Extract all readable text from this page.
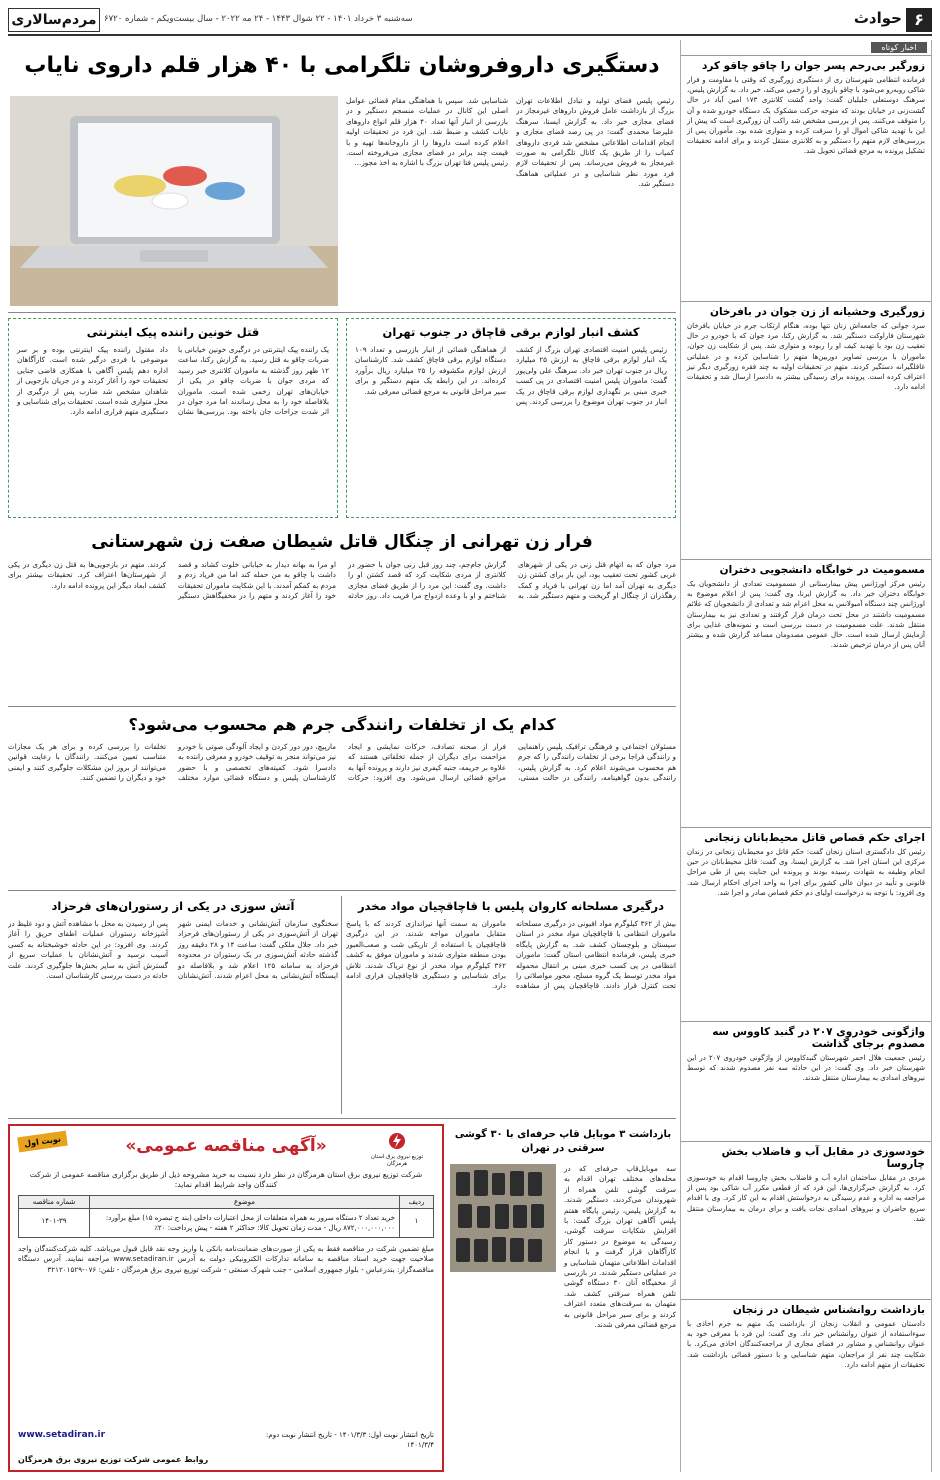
۶
حوادث
سه‌شنبه ۳ خرداد ۱۴۰۱ - ۲۲ شوال ۱۴۴۳ - ۲۴ مه ۲۰۲۲ - سال بیست‌ویکم - شماره ۶۷۲۰
مردم‌سالاری
اخبار کوتاه
زورگیر بی‌رحم پسر جوان را چاقو چاقو کرد
فرمانده انتظامی شهرستان ری از دستگیری زورگیری که وقتی با مقاومت و فرار شاکی روبه‌رو می‌شود با چاقو بازوی او را زخمی می‌کند، خبر داد. به گزارش پلیس، سرهنگ دوستعلی جلیلیان گفت: واحد گشت کلانتری ۱۷۳ امین آباد در حال گشت‌زنی در خیابان بودند که متوجه حرکت مشکوک یک دستگاه خودرو شده و آن را متوقف می‌کنند. پس از بررسی مشخص شد راکب آن زورگیری است که پیش از این با تهدید شاکی اموال او را سرقت کرده و متواری شده بود. مأموران پس از بررسی‌های لازم متهم را دستگیر و به کلانتری منتقل کردند و برای ادامه تحقیقات تشکیل پرونده به مرجع قضائی تحویل شد.
زورگیری وحشیانه از زن جوان در بافرخان
سرد جوانی که جامعه‌اش زنان تنها بوده، هنگام ارتکاب جرم در خیابان بافرخان شهرستان فاراوکت دستگیر شد. به گزارش رکنا، مرد جوان که با خودرو در حال تعقیب زن بود با تهدید کیف او را ربوده و متواری شد. پس از شکایت زن جوان، ماموران با بررسی تصاویر دوربین‌ها متهم را شناسایی کرده و در عملیاتی غافلگیرانه دستگیر کردند. متهم در تحقیقات اولیه به چند فقره زورگیری دیگر نیز اعتراف کرده است. پرونده برای رسیدگی بیشتر به دادسرا ارسال شد و تحقیقات ادامه دارد.
مسمومیت در خوابگاه دانشجویی دختران
رئیس مرکز اورژانس پیش بیمارستانی از مسمومیت تعدادی از دانشجویان یک خوابگاه دختران خبر داد. به گزارش ایرنا، وی گفت: پس از اعلام موضوع به اورژانس چند دستگاه آمبولانس به محل اعزام شد و تعدادی از دانشجویان که علائم مسمومیت داشتند در محل تحت درمان قرار گرفتند و تعدادی نیز به بیمارستان منتقل شدند. علت مسمومیت در دست بررسی است و نمونه‌های غذایی برای آزمایش ارسال شده است. حال عمومی مصدومان مساعد گزارش شده و بیشتر آنان پس از درمان ترخیص شدند.
اجرای حکم قصاص قاتل محیط‌بانان زنجانی
رئیس کل دادگستری استان زنجان گفت: حکم قاتل دو محیط‌بان زنجانی در زندان مرکزی این استان اجرا شد. به گزارش ایسنا، وی گفت: قاتل محیط‌بانان در حین انجام وظیفه به شهادت رسیده بودند و پرونده این جنایت پس از طی مراحل قانونی و تأیید در دیوان عالی کشور برای اجرا به واحد اجرای احکام ارسال شد. وی افزود: با توجه به درخواست اولیای دم حکم قصاص صادر و اجرا شد.
واژگونی خودروی ۲۰۷ در گنبد کاووس سه مصدوم برجای گذاشت
رئیس جمعیت هلال احمر شهرستان گنبدکاووس از واژگونی خودروی ۲۰۷ در این شهرستان خبر داد. وی گفت: در این حادثه سه نفر مصدوم شدند که توسط نیروهای امدادی به بیمارستان منتقل شدند.
خودسوزی در مقابل آب و فاضلاب بخش چاروسا
مردی در مقابل ساختمان اداره آب و فاضلاب بخش چاروسا اقدام به خودسوزی کرد. به گزارش خبرگزاری‌ها، این فرد که از قطعی مکرر آب شاکی بود پس از مراجعه به اداره و عدم رسیدگی به درخواستش اقدام به این کار کرد. وی با اقدام سریع حاضران و نیروهای امدادی نجات یافت و برای درمان به بیمارستان منتقل شد.
بازداشت روانشناس شیطان در زنجان
دادستان عمومی و انقلاب زنجان از بازداشت یک متهم به جرم اخاذی با سوءاستفاده از عنوان روانشناس خبر داد. وی گفت: این فرد با معرفی خود به عنوان روانشناس و مشاور در فضای مجازی از مراجعه‌کنندگان اخاذی می‌کرد. با شکایت چند نفر از مراجعان، متهم شناسایی و با دستور قضائی بازداشت شد. تحقیقات از متهم ادامه دارد.
دستگیری داروفروشان تلگرامی با ۴۰ هزار قلم داروی نایاب
رئیس پلیس فضای تولید و تبادل اطلاعات تهران بزرگ از بازداشت عامل فروش داروهای غیرمجاز در فضای مجازی خبر داد. به گزارش ایسنا، سرهنگ علیرضا محمدی گفت: در پی رصد فضای مجازی و انجام اقدامات اطلاعاتی مشخص شد فردی داروهای کمیاب را از طریق یک کانال تلگرامی به صورت غیرمجاز به فروش می‌رساند. پس از تحقیقات لازم فرد مورد نظر شناسایی و در عملیاتی هماهنگ دستگیر شد.
شناسایی شد. سپس با هماهنگی مقام قضائی عوامل اصلی این کانال در عملیات منسجم دستگیر و در بازرسی از انبار آنها تعداد ۴۰ هزار قلم انواع داروهای نایاب کشف و ضبط شد. این فرد در تحقیقات اولیه اعلام کرده است داروها را از داروخانه‌ها تهیه و با قیمت چند برابر در فضای مجازی می‌فروخته است. رئیس پلیس فتا تهران بزرگ با اشاره به اخذ مجوز...
کشف انبار لوازم برقی قاچاق در جنوب تهران
رئیس پلیس امنیت اقتصادی تهران بزرگ از کشف یک انبار لوازم برقی قاچاق به ارزش ۲۵ میلیارد ریال در جنوب تهران خبر داد. سرهنگ علی ولی‌پور گفت: ماموران پلیس امنیت اقتصادی در پی کسب خبری مبنی بر نگهداری لوازم برقی قاچاق در یک انبار در جنوب تهران موضوع را بررسی کردند. پس از هماهنگی قضائی از انبار بازرسی و تعداد ۱۰۹ دستگاه لوازم برقی قاچاق کشف شد. کارشناسان ارزش لوازم مکشوفه را ۲۵ میلیارد ریال برآورد کرده‌اند. در این رابطه یک متهم دستگیر و برای سیر مراحل قانونی به مرجع قضائی معرفی شد.
قتل خونین راننده پیک اینترنتی
یک راننده پیک اینترنتی در درگیری خونین خیابانی با ضربات چاقو به قتل رسید. به گزارش رکنا، ساعت ۱۲ ظهر روز گذشته به ماموران کلانتری خبر رسید که مردی جوان با ضربات چاقو در یکی از خیابان‌های تهران زخمی شده است. ماموران بلافاصله خود را به محل رساندند اما مرد جوان در اثر شدت جراحات جان باخته بود. بررسی‌ها نشان داد مقتول راننده پیک اینترنتی بوده و بر سر موضوعی با فردی درگیر شده است. کارآگاهان اداره دهم پلیس آگاهی با همکاری قاضی جنایی تحقیقات خود را آغاز کردند و در جریان بازجویی از شاهدان مشخص شد ضارب پس از درگیری از محل متواری شده است. تحقیقات برای شناسایی و دستگیری متهم فراری ادامه دارد.
فرار زن تهرانی از چنگال قاتل شیطان صفت زن شهرستانی
مرد جوان که به اتهام قتل زنی در یکی از شهرهای غربی کشور تحت تعقیب بود، این بار برای کشتن زن دیگری به تهران آمد اما زن تهرانی با فریاد و کمک رهگذران از چنگال او گریخت و متهم دستگیر شد. به گزارش جام‌جم، چند روز قبل زنی جوان با حضور در کلانتری از مردی شکایت کرد که قصد کشتن او را داشت. وی گفت: این مرد را از طریق فضای مجازی شناختم و او با وعده ازدواج مرا فریب داد. روز حادثه او مرا به بهانه دیدار به خیابانی خلوت کشاند و قصد داشت با چاقو به من حمله کند اما من فریاد زدم و مردم به کمکم آمدند. با این شکایت ماموران تحقیقات خود را آغاز کردند و متهم را در مخفیگاهش دستگیر کردند. متهم در بازجویی‌ها به قتل زن دیگری در یکی از شهرستان‌ها اعتراف کرد. تحقیقات بیشتر برای کشف ابعاد دیگر این پرونده ادامه دارد.
کدام یک از تخلفات رانندگی جرم هم محسوب می‌شود؟
مسئولان اجتماعی و فرهنگی ترافیک پلیس راهنمایی و رانندگی فراجا برخی از تخلفات رانندگی را که جرم هم محسوب می‌شوند اعلام کرد. به گزارش پلیس، رانندگی بدون گواهینامه، رانندگی در حالت مستی، فرار از صحنه تصادف، حرکات نمایشی و ایجاد مزاحمت برای دیگران از جمله تخلفاتی هستند که علاوه بر جریمه، جنبه کیفری نیز دارند و پرونده آنها به مراجع قضائی ارسال می‌شود. وی افزود: حرکات مارپیچ، دور دور کردن و ایجاد آلودگی صوتی با خودرو نیز می‌تواند منجر به توقیف خودرو و معرفی راننده به دادسرا شود. کمیته‌های تخصصی و با حضور کارشناسان پلیس و دستگاه قضائی موارد مختلف تخلفات را بررسی کرده و برای هر یک مجازات متناسب تعیین می‌کنند. رانندگان با رعایت قوانین می‌توانند از بروز این مشکلات جلوگیری کنند و ایمنی خود و دیگران را تضمین کنند.
درگیری مسلحانه کاروان پلیس با قاچاقچیان مواد مخدر
بیش از ۳۶۲ کیلوگرم مواد افیونی در درگیری مسلحانه ماموران انتظامی با قاچاقچیان مواد مخدر در استان سیستان و بلوچستان کشف شد. به گزارش پایگاه خبری پلیس، فرمانده انتظامی استان گفت: ماموران انتظامی در پی کسب خبری مبنی بر انتقال محموله مواد مخدر توسط یک گروه مسلح، محور مواصلاتی را تحت کنترل قرار دادند. قاچاقچیان پس از مشاهده ماموران به سمت آنها تیراندازی کردند که با پاسخ متقابل ماموران مواجه شدند. در این درگیری قاچاقچیان با استفاده از تاریکی شب و صعب‌العبور بودن منطقه متواری شدند و ماموران موفق به کشف ۳۶۲ کیلوگرم مواد مخدر از نوع تریاک شدند. تلاش برای شناسایی و دستگیری قاچاقچیان فراری ادامه دارد.
آتش سوزی در یکی از رستوران‌های فرحزاد
سخنگوی سازمان آتش‌نشانی و خدمات ایمنی شهر تهران از آتش‌سوزی در یکی از رستوران‌های فرحزاد خبر داد. جلال ملکی گفت: ساعت ۱۴ و ۲۸ دقیقه روز گذشته حادثه آتش‌سوزی در یک رستوران در محدوده فرحزاد به سامانه ۱۲۵ اعلام شد و بلافاصله دو ایستگاه آتش‌نشانی به محل اعزام شدند. آتش‌نشانان پس از رسیدن به محل با مشاهده آتش و دود غلیظ در آشپزخانه رستوران عملیات اطفای حریق را آغاز کردند. وی افزود: در این حادثه خوشبختانه به کسی آسیب نرسید و آتش‌نشانان با عملیات سریع از گسترش آتش به سایر بخش‌ها جلوگیری کردند. علت حادثه در دست بررسی کارشناسان است.
بازداشت ۳ موبایل قاپ حرفه‌ای با ۳۰ گوشی سرقتی در تهران
سه موبایل‌قاپ حرفه‌ای که در محله‌های مختلف تهران اقدام به سرقت گوشی تلفن همراه از شهروندان می‌کردند، دستگیر شدند. به گزارش پلیس، رئیس پایگاه هفتم پلیس آگاهی تهران بزرگ گفت: با افزایش شکایات سرقت گوشی، رسیدگی به موضوع در دستور کار کارآگاهان قرار گرفت و با انجام اقدامات اطلاعاتی متهمان شناسایی و در عملیاتی دستگیر شدند. در بازرسی از مخفیگاه آنان ۳۰ دستگاه گوشی تلفن همراه سرقتی کشف شد. متهمان به سرقت‌های متعدد اعتراف کردند و برای سیر مراحل قانونی به مرجع قضائی معرفی شدند.
نوبت اول	«آگهی مناقصه عمومی»
توزیع نیروی برق استان هرمزگان
شرکت توزیع نیروی برق استان هرمزگان در نظر دارد نسبت به خرید مشروحه ذیل از طریق برگزاری مناقصه عمومی از شرکت کنندگان واجد شرایط اقدام نماید:
ردیف
موضوع
شماره مناقصه
۱
خرید تعداد ۲ دستگاه سرور به همراه متعلقات از محل اعتبارات داخلی (بند ج تبصره ۱۵) مبلغ برآورد: ۸۷۲,۰۰۰,۰۰۰,۰۰۰ ریال - مدت زمان تحویل کالا: حداکثر ۲ هفته - پیش پرداخت: ۲۰٪
۱۴۰۱-۳۹
مبلغ تضمین شرکت در مناقصه فقط به یکی از صورت‌های ضمانت‌نامه بانکی یا واریز وجه نقد قابل قبول می‌باشد. کلیه شرکت‌کنندگان واجد صلاحیت جهت خرید اسناد مناقصه به سامانه تدارکات الکترونیکی دولت به آدرس www.setadiran.ir مراجعه نمایند. آدرس دستگاه مناقصه‌گزار: بندرعباس - بلوار جمهوری اسلامی - جنب شهرک صنعتی - شرکت توزیع نیروی برق هرمزگان - تلفن: ۰۷۶-۳۲۱۲۰۱۵۲۹
تاریخ انتشار نوبت اول: ۱۴۰۱/۳/۳ - تاریخ انتشار نوبت دوم: ۱۴۰۱/۳/۴
www.setadiran.ir
روابط عمومی شرکت توزیع نیروی برق هرمزگان
